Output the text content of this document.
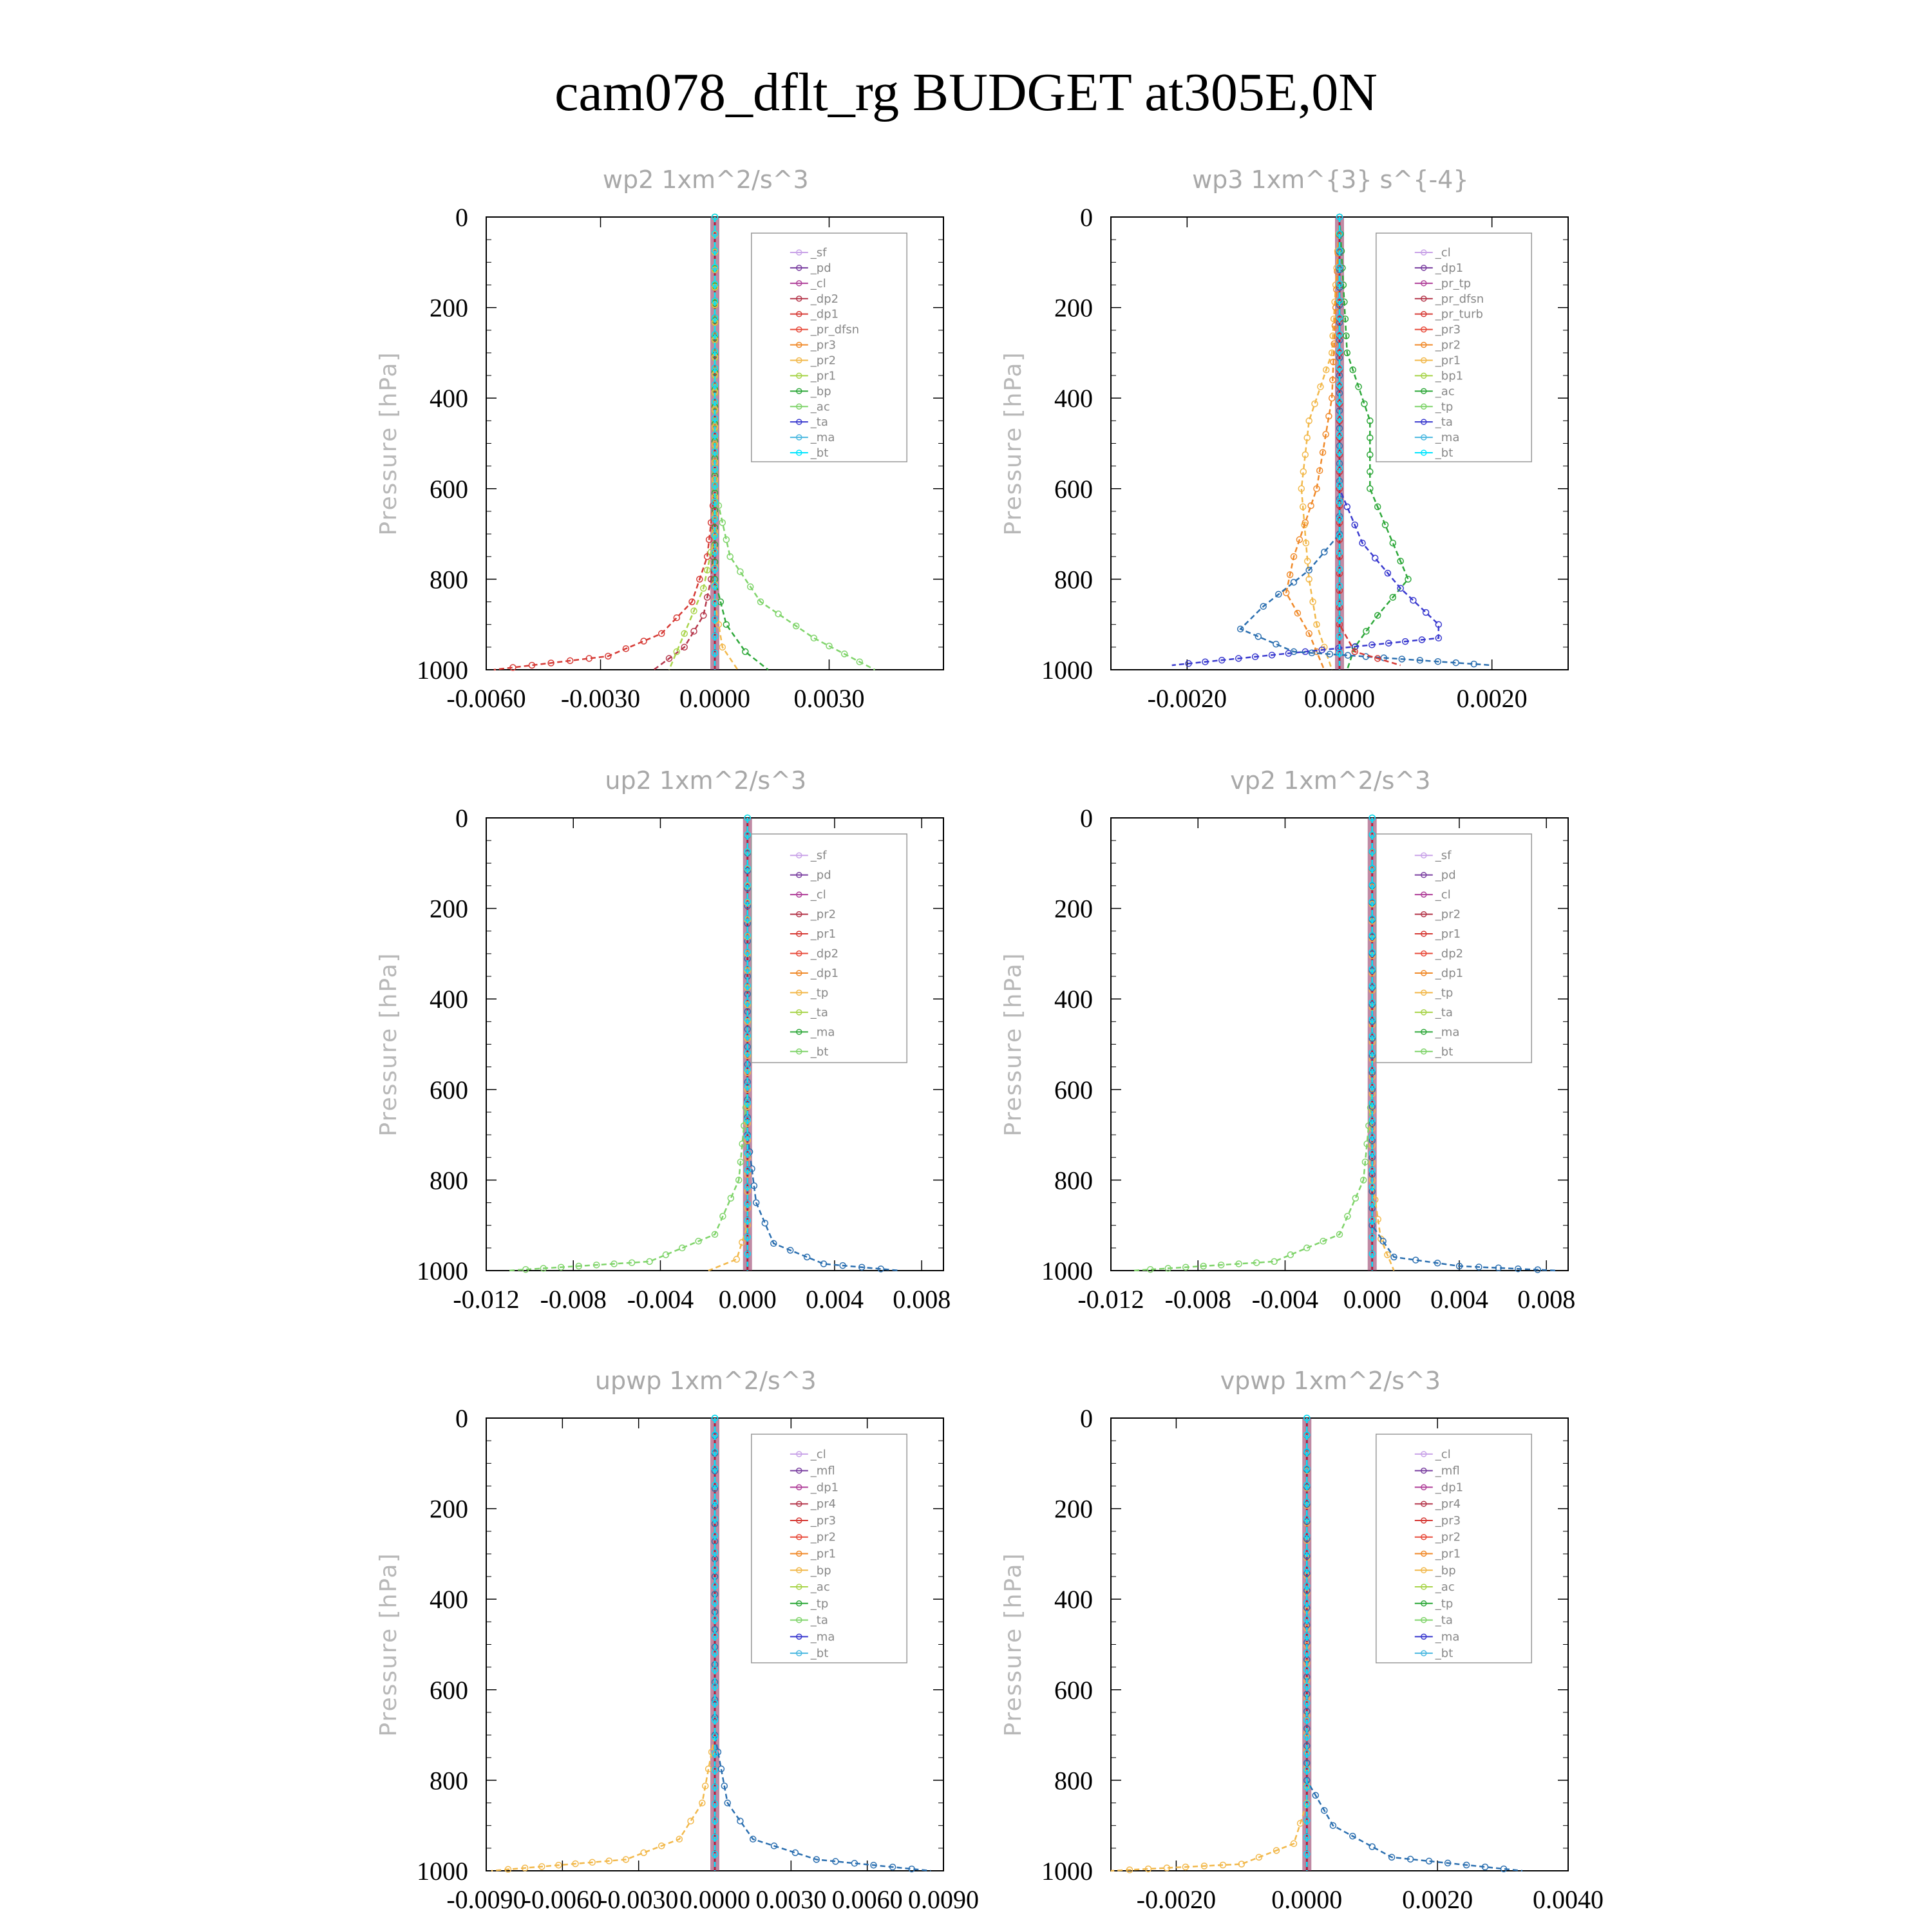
cam078_dflt_rg BUDGET at305E,0N
wp2 1xm^2/s^3
Pressure [hPa]
0
200
400
600
800
1000
-0.0060 -0.0030 0.0000 0.0030
_sf
_pd
_cl
_dp2
_dp1
_pr_dfsn
_pr3
_pr2
_pr1
_bp
_ac
_ta
_ma
_bt
wp3 1xm^{3} s^{-4}
Pressure [hPa]
0
200
400
600
800
1000
-0.0020	0.0000	0.0020
_cl
_dp1
_pr_tp
_pr_dfsn
_pr_turb
_pr3
_pr2
_pr1
_bp1
_ac
_tp
_ta
_ma
_bt
up2 1xm^2/s^3
Pressure [hPa]
0
200
400
600
800
1000
-0.012 -0.008 -0.004 0.000 0.004 0.008
_sf
_pd
_cl
_pr2
_pr1
_dp2
_dp1
_tp
_ta
_ma
_bt
vp2 1xm^2/s^3
Pressure [hPa]
0
200
400
600
800
1000
-0.012 -0.008 -0.004 0.000 0.004 0.008
_sf
_pd
_cl
_pr2
_pr1
_dp2
_dp1
_tp
_ta
_ma
_bt
upwp 1xm^2/s^3
Pressure [hPa]
0
200
400
600
800
1000
-0.0090
-0.0060
-0.0030 0.0000 0.0030 0.0060 0.0090
_cl
_mfl
_dp1
_pr4
_pr3
_pr2
_pr1
_bp
_ac
_tp
_ta
_ma
_bt
vpwp 1xm^2/s^3
Pressure [hPa]
0
200
400
600
800
1000
-0.0020 0.0000 0.0020 0.0040
_cl
_mfl
_dp1
_pr4
_pr3
_pr2
_pr1
_bp
_ac
_tp
_ta
_ma
_bt
